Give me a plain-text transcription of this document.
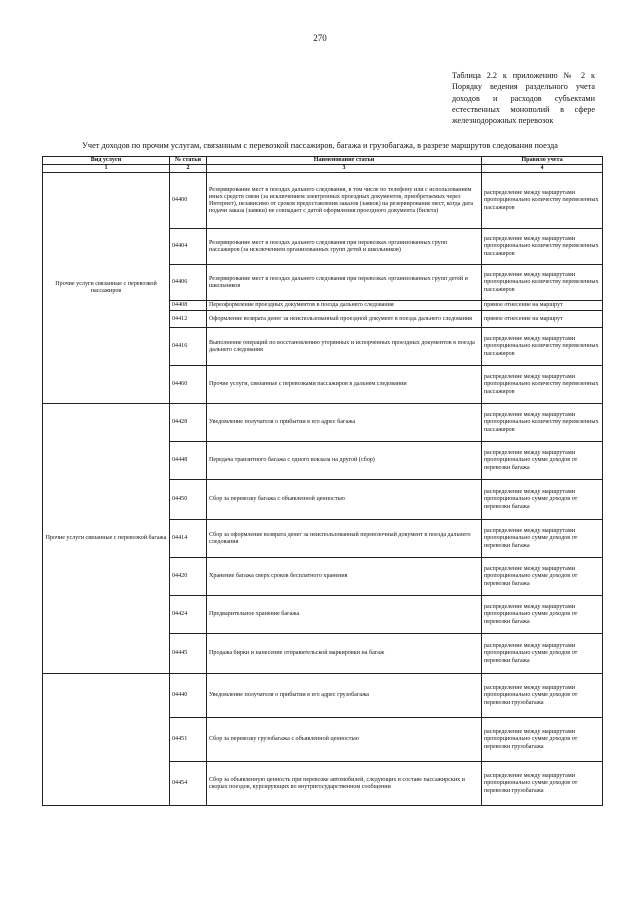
270
Таблица 2.2 к приложению № 2 к Порядку ведения раздельного учета доходов и расходов субъектами естественных монополий в сфере железнодорожных перевозок
Учет доходов по прочим услугам, связанным с перевозкой пассажиров, багажа и грузобагажа, в разрезе маршрутов следования поезда
Вид услуги	№ статьи	Наименование статьи	Правило учета
1	2	3	4
Прочие услуги связанные с перевозкой пассажиров	04400	Резервирование мест в поездах дальнего следования, в том числе по телефону или с использованием иных средств связи (за исключением электронных проездных документов, приобретаемых через Интернет), независимо от сроков предоставления заказов (заявок) на резервирование мест, когда дата подачи заказа (заявки) не совпадает с датой оформления проездного документа (билета)	распределение между маршрутами пропорционально количеству перевезенных пассажиров
	04404	Резервирование мест в поездах дальнего следования при перевозках организованных групп пассажиров (за исключением организованных групп детей и школьников)	распределение между маршрутами пропорционально количеству перевезенных пассажиров
	04406	Резервирование мест в поездах дальнего следования при перевозках организованных групп детей и школьников	распределение между маршрутами пропорционально количеству перевезенных пассажиров
	04408	Переоформление проездных документов в поезда дальнего следования	прямое отнесение на маршрут
	04412	Оформление возврата денег за неиспользованный проездной документ в поезда дальнего следования	прямое отнесение на маршрут
	04416	Выполнение операций по восстановлению утерянных и испорченных проездных документов в поезда дальнего следования	распределение между маршрутами пропорционально количеству перевезенных пассажиров
	04460	Прочие услуги, связанные с перевозками пассажиров в дальнем следовании	распределение между маршрутами пропорционально количеству перевезенных пассажиров
Прочие услуги связанные с перевозкой багажа	04428	Уведомление получателя о прибытии в его адрес багажа	распределение между маршрутами пропорционально количеству перевезенных пассажиров
	04448	Передача транзитного багажа с одного вокзала на другой (сбор)	распределение между маршрутами пропорционально сумме доходов от перевозки багажа
	04450	Сбор за перевозку багажа с объявленной ценностью	распределение между маршрутами пропорционально сумме доходов от перевозки багажа
	04414	Сбор за оформление возврата денег за неиспользованный перевозочный документ в поезда дальнего следования	распределение между маршрутами пропорционально сумме доходов от перевозки багажа
	04420	Хранение багажа сверх сроков бесплатного хранения	распределение между маршрутами пропорционально сумме доходов от перевозки багажа
	04424	Предварительное хранение багажа	распределение между маршрутами пропорционально сумме доходов от перевозки багажа
	04445	Продажа бирки и нанесение отправительской маркировки на багаж	распределение между маршрутами пропорционально сумме доходов от перевозки багажа
	04440	Уведомление получателя о прибытии в его адрес грузобагажа	распределение между маршрутами пропорционально сумме доходов от перевозки грузобагажа
	04451	Сбор за перевозку грузобагажа с объявленной ценностью	распределение между маршрутами пропорционально сумме доходов от перевозки грузобагажа
	04454	Сбор за объявленную ценность при перевозке автомобилей, следующих в составе пассажирских и скорых поездов, курсирующих во внутригосударственном сообщении	распределение между маршрутами пропорционально сумме доходов от перевозки грузобагажа
